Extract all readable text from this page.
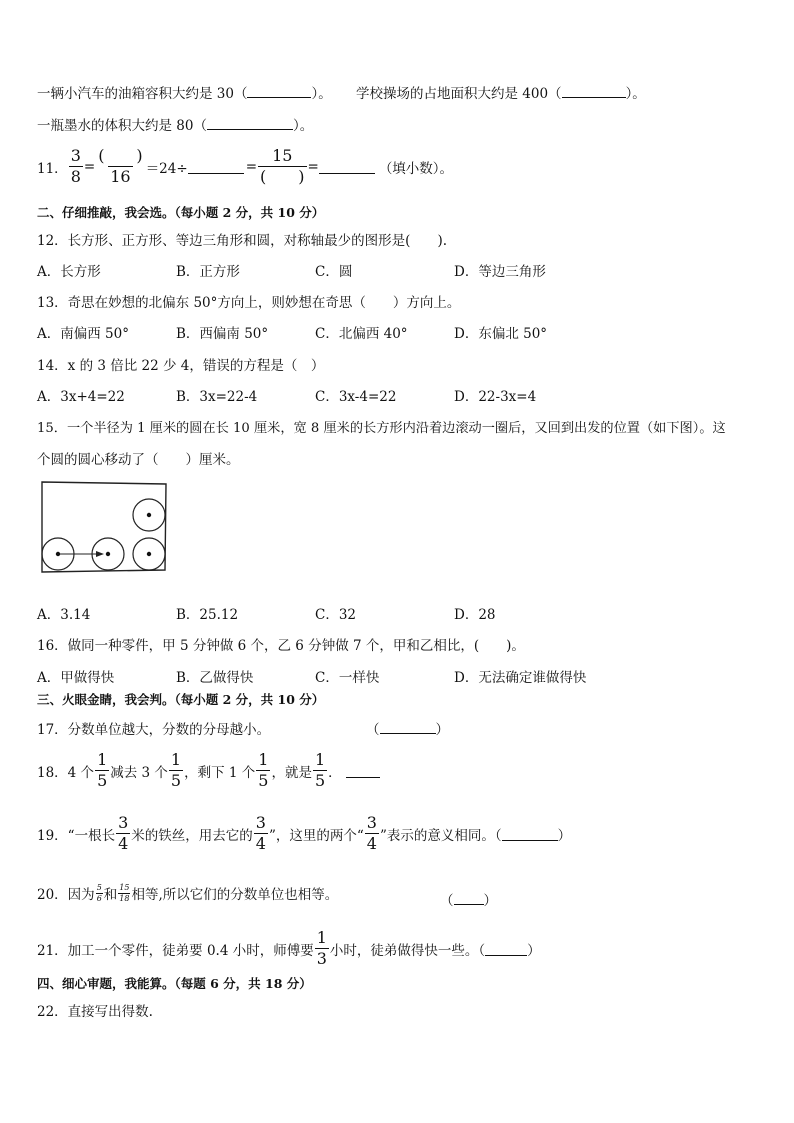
一辆小汽车的油箱容积大约是 30（	）。 学校操场的占地面积大约是 400（	）。
一瓶墨水的体积大约是 80（	）。
11． $\frac{3}{8} = \frac{( )}{16} =24\div$	= $\frac{15}{( )}$ =	（填小数）。
二、仔细推敲，我会选。（每小题 2 分，共 10 分）
12．长方形、正方形、等边三角形和圆，对称轴最少的图形是(　　).
A．长方形	B．正方形	C．圆	D．等边三角形
13．奇思在妙想的北偏东 50°方向上，则妙想在奇思（　　）方向上。
A．南偏西 50°	B．西偏南 50°	C．北偏西 40°	D．东偏北 50°
14．x 的 3 倍比 22 少 4，错误的方程是（　）
A．3x+4=22	B．3x=22-4	C．3x-4=22	D．22-3x=4
15．一个半径为 1 厘米的圆在长 10 厘米，宽 8 厘米的长方形内沿着边滚动一圈后，又回到出发的位置（如下图）。这
个圆的圆心移动了（　　）厘米。
A．3.14	B．25.12	C．32	D．28
16．做同一种零件，甲 5 分钟做 6 个，乙 6 分钟做 7 个，甲和乙相比，(　　)。
A．甲做得快	B．乙做得快	C．一样快	D．无法确定谁做得快
三、火眼金睛，我会判。（每小题 2 分，共 10 分）
17．分数单位越大，分数的分母越小。	（	）
18．4 个 $\frac{1}{5}$ 减去 3 个 $\frac{1}{5}$ ，剩下 1 个 $\frac{1}{5}$ ，就是 $\frac{1}{5}$ ．
19．“一根长 $\frac{3}{4}$ 米的铁丝，用去它的 $\frac{3}{4}$ ”，这里的两个“ $\frac{3}{4}$ ”表示的意义相同。（	）
20．因为 $\frac{5}{6}$ 和 $\frac{15}{18}$ 相等,所以它们的分数单位也相等。	（ ）
21．加工一个零件，徒弟要 0.4 小时，师傅要 $\frac{1}{3}$ 小时，徒弟做得快一些。（	）
四、细心审题，我能算。（每题 6 分，共 18 分）
22．直接写出得数.
